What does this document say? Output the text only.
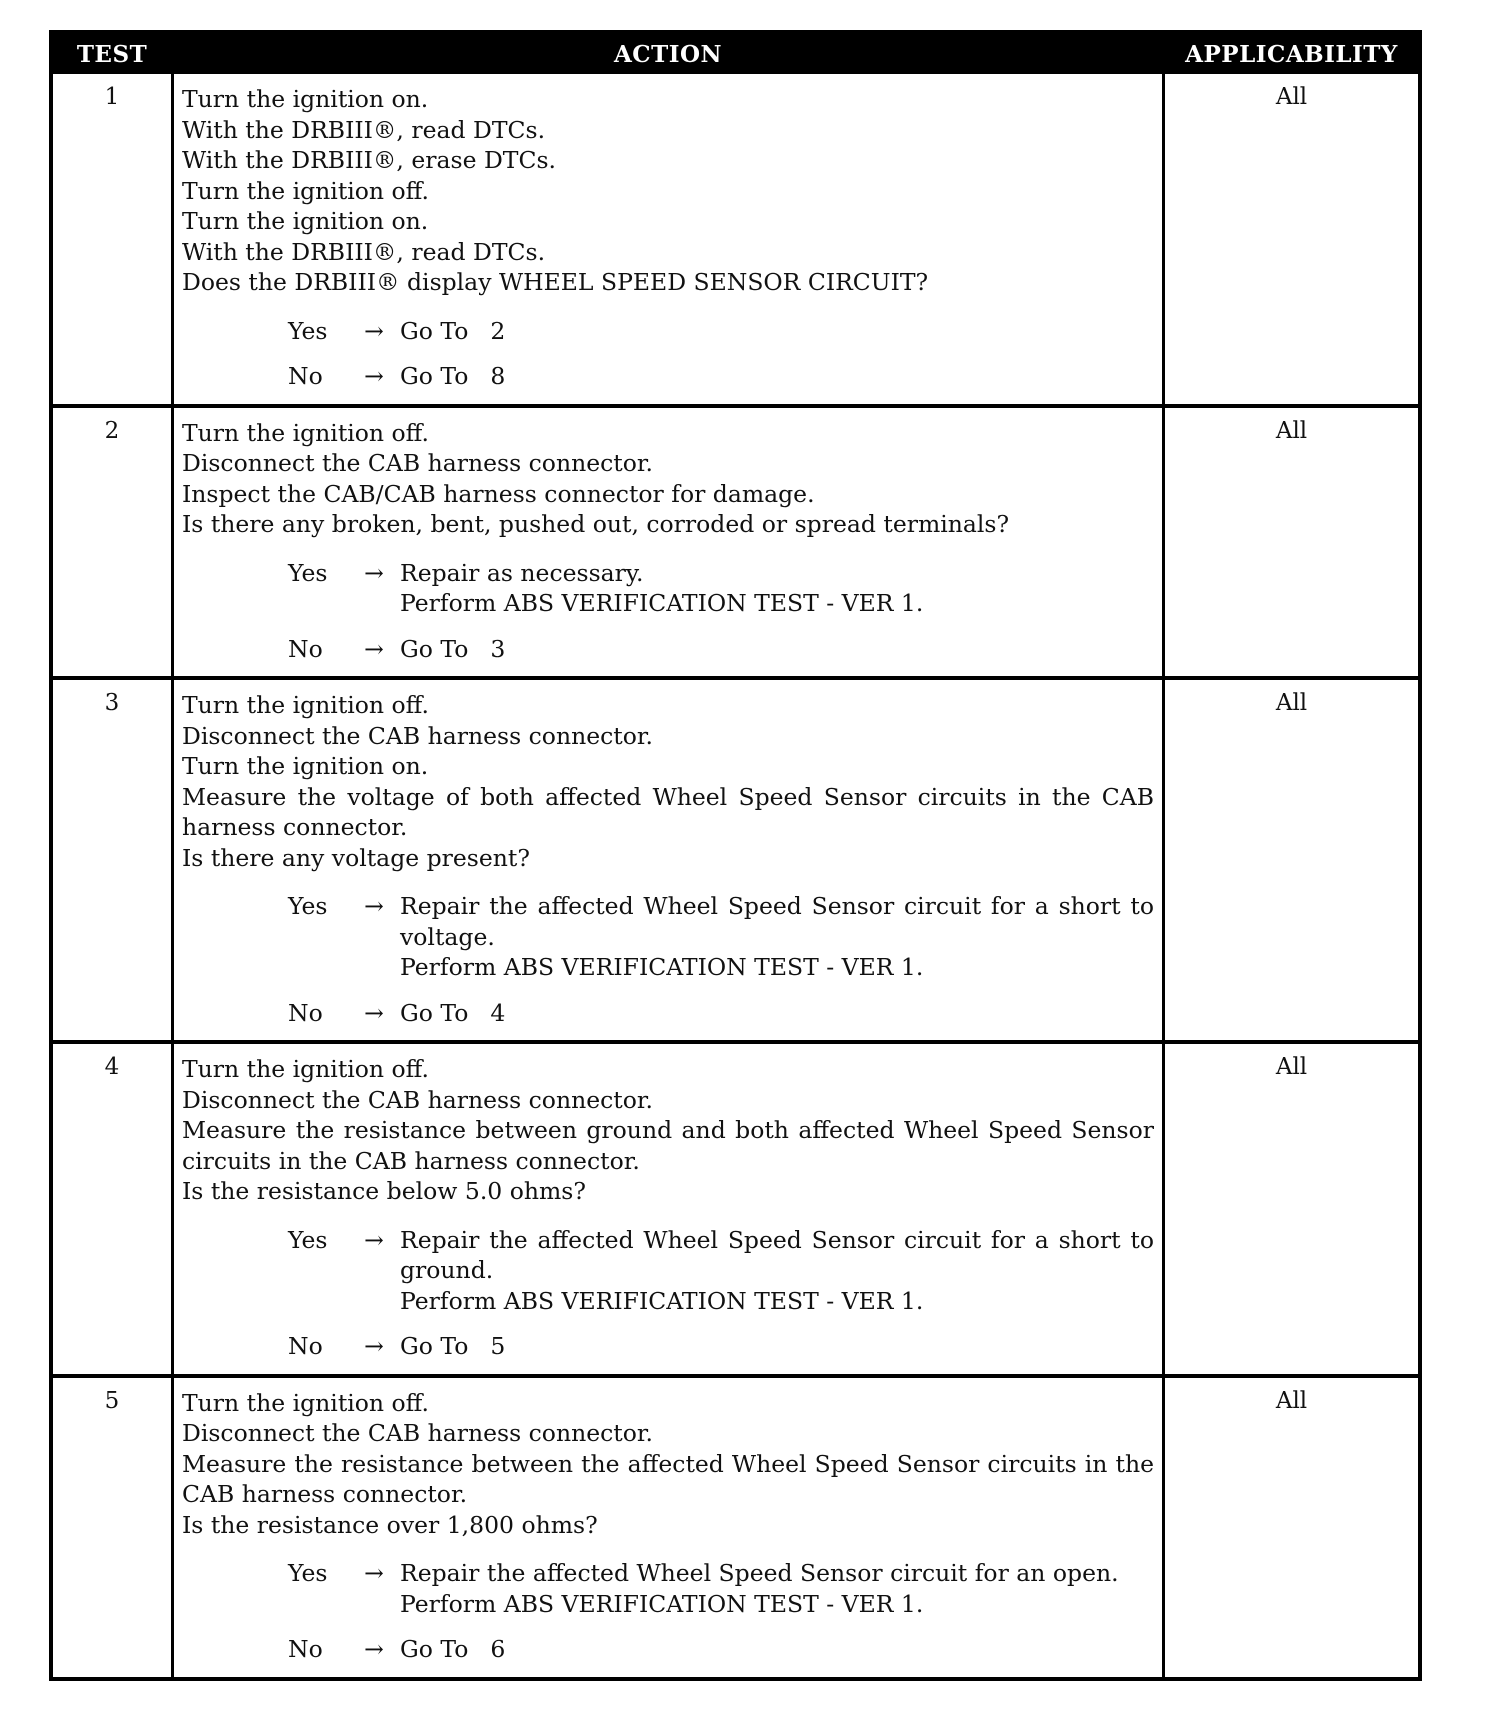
TEST	ACTION	APPLICABILITY
1	Turn the ignition on.
With the DRBIII®, read DTCs.
With the DRBIII®, erase DTCs.
Turn the ignition off.
Turn the ignition on.
With the DRBIII®, read DTCs.
Does the DRBIII® display WHEEL SPEED SENSOR CIRCUIT?
Yes	→ Go To 2
No	→ Go To 8
All
2	Turn the ignition off.
Disconnect the CAB harness connector.
Inspect the CAB/CAB harness connector for damage.
Is there any broken, bent, pushed out, corroded or spread terminals?
Yes	→ Repair as necessary.
Perform ABS VERIFICATION TEST - VER 1.
No	→ Go To 3
All
3	Turn the ignition off.
Disconnect the CAB harness connector.
Turn the ignition on.
Measure the voltage of both affected Wheel Speed Sensor circuits in the CAB harness connector.
Is there any voltage present?
Yes	→ Repair the affected Wheel Speed Sensor circuit for a short to voltage.
Perform ABS VERIFICATION TEST - VER 1.
No	→ Go To 4
All
4	Turn the ignition off.
Disconnect the CAB harness connector.
Measure the resistance between ground and both affected Wheel Speed Sensor circuits in the CAB harness connector.
Is the resistance below 5.0 ohms?
Yes	→ Repair the affected Wheel Speed Sensor circuit for a short to ground.
Perform ABS VERIFICATION TEST - VER 1.
No	→ Go To 5
All
5	Turn the ignition off.
Disconnect the CAB harness connector.
Measure the resistance between the affected Wheel Speed Sensor circuits in the CAB harness connector.
Is the resistance over 1,800 ohms?
Yes	→ Repair the affected Wheel Speed Sensor circuit for an open.
Perform ABS VERIFICATION TEST - VER 1.
No	→ Go To 6
All
